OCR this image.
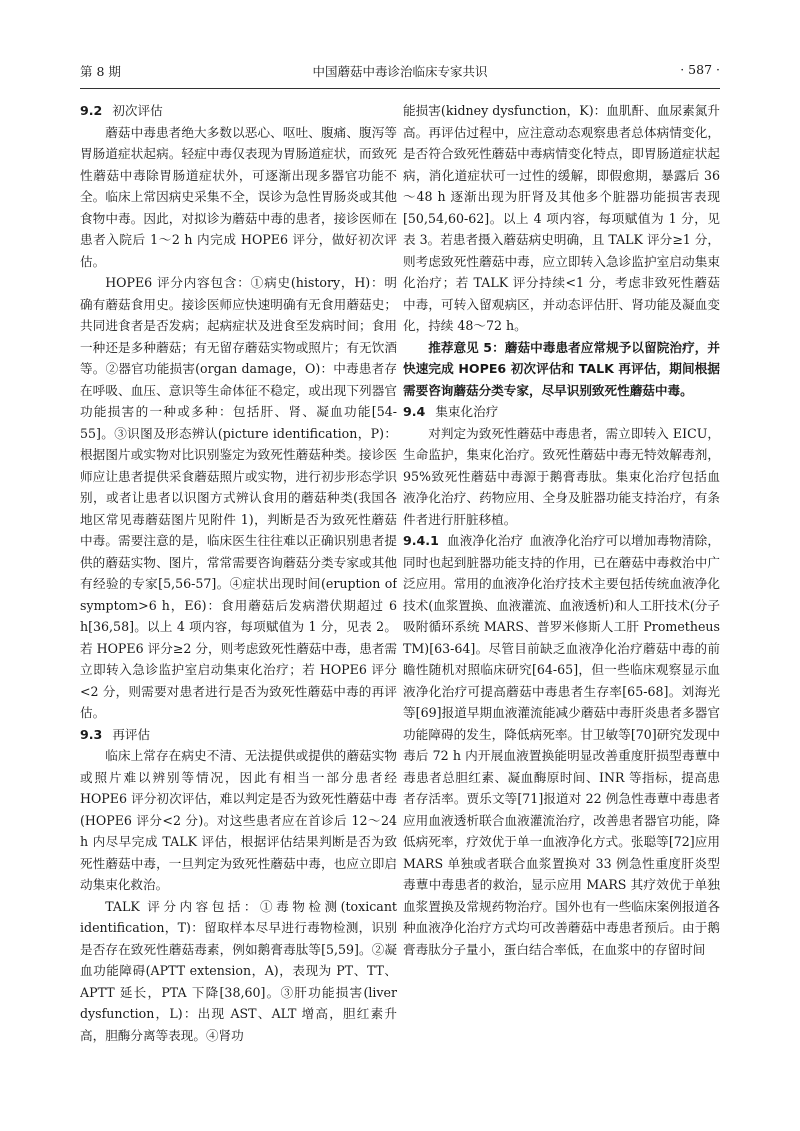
第 8 期	中国蘑菇中毒诊治临床专家共识	· 587 ·
9.2 初次评估

蘑菇中毒患者绝大多数以恶心、呕吐、腹痛、腹泻等胃肠道症状起病。轻症中毒仅表现为胃肠道症状，而致死性蘑菇中毒除胃肠道症状外，可逐渐出现多器官功能不全。临床上常因病史采集不全，误诊为急性胃肠炎或其他食物中毒。因此，对拟诊为蘑菇中毒的患者，接诊医师在患者入院后 1～2 h 内完成 HOPE6 评分，做好初次评估。

HOPE6 评分内容包含：①病史(history，H)：明确有蘑菇食用史。接诊医师应快速明确有无食用蘑菇史；共同进食者是否发病；起病症状及进食至发病时间；食用一种还是多种蘑菇；有无留存蘑菇实物或照片；有无饮酒等。②器官功能损害(organ damage，O)：中毒患者存在呼吸、血压、意识等生命体征不稳定，或出现下列器官功能损害的一种或多种：包括肝、肾、凝血功能[54-55]。③识图及形态辨认(picture identification，P)：根据图片或实物对比识别鉴定为致死性蘑菇种类。接诊医师应让患者提供采食蘑菇照片或实物，进行初步形态学识别，或者让患者以识图方式辨认食用的蘑菇种类(我国各地区常见毒蘑菇图片见附件 1)，判断是否为致死性蘑菇中毒。需要注意的是，临床医生往往难以正确识别患者提供的蘑菇实物、图片，常常需要咨询蘑菇分类专家或其他有经验的专家[5,56-57]。④症状出现时间(eruption of symptom>6 h，E6)：食用蘑菇后发病潜伏期超过 6 h[36,58]。以上 4 项内容，每项赋值为 1 分，见表 2。若 HOPE6 评分≥2 分，则考虑致死性蘑菇中毒，患者需立即转入急诊监护室启动集束化治疗；若 HOPE6 评分<2 分，则需要对患者进行是否为致死性蘑菇中毒的再评估。

9.3 再评估

临床上常存在病史不清、无法提供或提供的蘑菇实物或照片难以辨别等情况，因此有相当一部分患者经 HOPE6 评分初次评估，难以判定是否为致死性蘑菇中毒(HOPE6 评分<2 分)。对这些患者应在首诊后 12～24 h 内尽早完成 TALK 评估，根据评估结果判断是否为致死性蘑菇中毒，一旦判定为致死性蘑菇中毒，也应立即启动集束化救治。

TALK 评分内容包括：①毒物检测(toxicant identification，T)：留取样本尽早进行毒物检测，识别是否存在致死性蘑菇毒素，例如鹅膏毒肽等[5,59]。②凝血功能障碍(APTT extension，A)，表现为 PT、TT、APTT 延长，PTA 下降[38,60]。③肝功能损害(liver dysfunction，L)：出现 AST、ALT 增高，胆红素升高，胆酶分离等表现。④肾功

能损害(kidney dysfunction，K)：血肌酐、血尿素氮升高。再评估过程中，应注意动态观察患者总体病情变化，是否符合致死性蘑菇中毒病情变化特点，即胃肠道症状起病，消化道症状可一过性的缓解，即假愈期，暴露后 36～48 h 逐渐出现为肝肾及其他多个脏器功能损害表现[50,54,60-62]。以上 4 项内容，每项赋值为 1 分，见表 3。若患者摄入蘑菇病史明确，且 TALK 评分≥1 分，则考虑致死性蘑菇中毒，应立即转入急诊监护室启动集束化治疗；若 TALK 评分持续<1 分，考虑非致死性蘑菇中毒，可转入留观病区，并动态评估肝、肾功能及凝血变化，持续 48～72 h。

推荐意见 5：蘑菇中毒患者应常规予以留院治疗，并快速完成 HOPE6 初次评估和 TALK 再评估，期间根据需要咨询蘑菇分类专家，尽早识别致死性蘑菇中毒。

9.4 集束化治疗

对判定为致死性蘑菇中毒患者，需立即转入 EICU，生命监护，集束化治疗。致死性蘑菇中毒无特效解毒剂，95%致死性蘑菇中毒源于鹅膏毒肽。集束化治疗包括血液净化治疗、药物应用、全身及脏器功能支持治疗，有条件者进行肝脏移植。

9.4.1 血液净化治疗 血液净化治疗可以增加毒物清除，同时也起到脏器功能支持的作用，已在蘑菇中毒救治中广泛应用。常用的血液净化治疗技术主要包括传统血液净化技术(血浆置换、血液灌流、血液透析)和人工肝技术(分子吸附循环系统 MARS、普罗米修斯人工肝 Prometheus TM)[63-64]。尽管目前缺乏血液净化治疗蘑菇中毒的前瞻性随机对照临床研究[64-65]，但一些临床观察显示血液净化治疗可提高蘑菇中毒患者生存率[65-68]。刘海光等[69]报道早期血液灌流能减少蘑菇中毒肝炎患者多器官功能障碍的发生，降低病死率。甘卫敏等[70]研究发现中毒后 72 h 内开展血液置换能明显改善重度肝损型毒蕈中毒患者总胆红素、凝血酶原时间、INR 等指标，提高患者存活率。贾乐文等[71]报道对 22 例急性毒蕈中毒患者应用血液透析联合血液灌流治疗，改善患者器官功能，降低病死率，疗效优于单一血液净化方式。张聪等[72]应用 MARS 单独或者联合血浆置换对 33 例急性重度肝炎型毒蕈中毒患者的救治，显示应用 MARS 其疗效优于单独血浆置换及常规药物治疗。国外也有一些临床案例报道各种血液净化治疗方式均可改善蘑菇中毒患者预后。由于鹅膏毒肽分子量小，蛋白结合率低，在血浆中的存留时间
